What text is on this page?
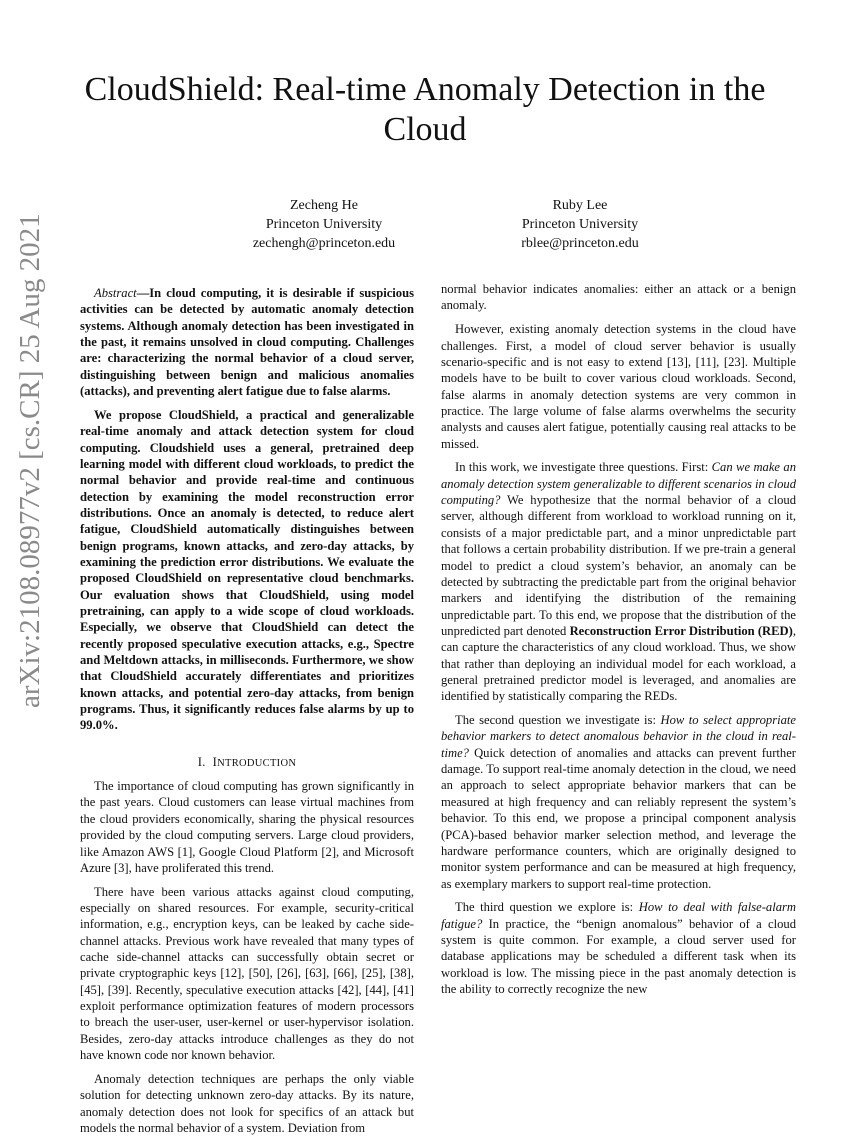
arXiv:2108.08977v2 [cs.CR] 25 Aug 2021
CloudShield: Real-time Anomaly Detection in the Cloud
Zecheng He
Princeton University
zechengh@princeton.edu
Ruby Lee
Princeton University
rblee@princeton.edu

Abstract—In cloud computing, it is desirable if suspicious activities can be detected by automatic anomaly detection systems. Although anomaly detection has been investigated in the past, it remains unsolved in cloud computing. Challenges are: characterizing the normal behavior of a cloud server, distinguishing between benign and malicious anomalies (attacks), and preventing alert fatigue due to false alarms.

We propose CloudShield, a practical and generalizable real-time anomaly and attack detection system for cloud computing. Cloudshield uses a general, pretrained deep learning model with different cloud workloads, to predict the normal behavior and provide real-time and continuous detection by examining the model reconstruction error distributions. Once an anomaly is detected, to reduce alert fatigue, CloudShield automatically distinguishes between benign programs, known attacks, and zero-day attacks, by examining the prediction error distributions. We evaluate the proposed CloudShield on representative cloud benchmarks. Our evaluation shows that CloudShield, using model pretraining, can apply to a wide scope of cloud workloads. Especially, we observe that CloudShield can detect the recently proposed speculative execution attacks, e.g., Spectre and Meltdown attacks, in milliseconds. Furthermore, we show that CloudShield accurately differentiates and prioritizes known attacks, and potential zero-day attacks, from benign programs. Thus, it significantly reduces false alarms by up to 99.0%.

I. INTRODUCTION

The importance of cloud computing has grown significantly in the past years. Cloud customers can lease virtual machines from the cloud providers economically, sharing the physical resources provided by the cloud computing servers. Large cloud providers, like Amazon AWS [1], Google Cloud Platform [2], and Microsoft Azure [3], have proliferated this trend.

There have been various attacks against cloud computing, especially on shared resources. For example, security-critical information, e.g., encryption keys, can be leaked by cache side-channel attacks. Previous work have revealed that many types of cache side-channel attacks can successfully obtain secret or private cryptographic keys [12], [50], [26], [63], [66], [25], [38], [45], [39]. Recently, speculative execution attacks [42], [44], [41] exploit performance optimization features of modern processors to breach the user-user, user-kernel or user-hypervisor isolation. Besides, zero-day attacks introduce challenges as they do not have known code nor known behavior.

Anomaly detection techniques are perhaps the only viable solution for detecting unknown zero-day attacks. By its nature, anomaly detection does not look for specifics of an attack but models the normal behavior of a system. Deviation from

normal behavior indicates anomalies: either an attack or a benign anomaly.

However, existing anomaly detection systems in the cloud have challenges. First, a model of cloud server behavior is usually scenario-specific and is not easy to extend [13], [11], [23]. Multiple models have to be built to cover various cloud workloads. Second, false alarms in anomaly detection systems are very common in practice. The large volume of false alarms overwhelms the security analysts and causes alert fatigue, potentially causing real attacks to be missed.

In this work, we investigate three questions. First: Can we make an anomaly detection system generalizable to different scenarios in cloud computing? We hypothesize that the normal behavior of a cloud server, although different from workload to workload running on it, consists of a major predictable part, and a minor unpredictable part that follows a certain probability distribution. If we pre-train a general model to predict a cloud system’s behavior, an anomaly can be detected by subtracting the predictable part from the original behavior markers and identifying the distribution of the remaining unpredictable part. To this end, we propose that the distribution of the unpredicted part denoted Reconstruction Error Distribution (RED), can capture the characteristics of any cloud workload. Thus, we show that rather than deploying an individual model for each workload, a general pretrained predictor model is leveraged, and anomalies are identified by statistically comparing the REDs.

The second question we investigate is: How to select appropriate behavior markers to detect anomalous behavior in the cloud in real-time? Quick detection of anomalies and attacks can prevent further damage. To support real-time anomaly detection in the cloud, we need an approach to select appropriate behavior markers that can be measured at high frequency and can reliably represent the system’s behavior. To this end, we propose a principal component analysis (PCA)-based behavior marker selection method, and leverage the hardware performance counters, which are originally designed to monitor system performance and can be measured at high frequency, as exemplary markers to support real-time protection.

The third question we explore is: How to deal with false-alarm fatigue? In practice, the “benign anomalous” behavior of a cloud system is quite common. For example, a cloud server used for database applications may be scheduled a different task when its workload is low. The missing piece in the past anomaly detection is the ability to correctly recognize the new
